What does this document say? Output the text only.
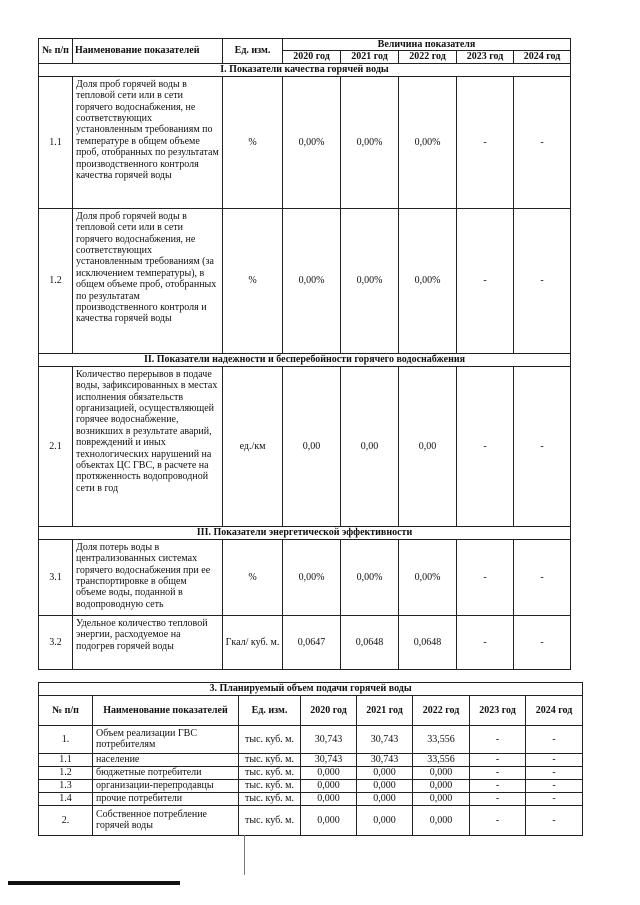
№ п/п	Наименование показателей	Ед. изм.	Величина показателя				
			2020 год	2021 год	2022 год	2023 год	2024 год
I. Показатели качества горячей воды							
1.1	Доля проб горячей воды в тепловой сети или в сети горячего водоснабжения, не соответствующих установленным требованиям по температуре в общем объеме проб, отобранных по результатам производственного контроля качества горячей воды	%	0,00%	0,00%	0,00%	-	-
1.2	Доля проб горячей воды в тепловой сети или в сети горячего водоснабжения, не соответствующих установленным требованиям (за исключением температуры), в общем объеме проб, отобранных по результатам производственного контроля и качества горячей воды	%	0,00%	0,00%	0,00%	-	-
II. Показатели надежности и бесперебойности горячего водоснабжения							
2.1	Количество перерывов в подаче воды, зафиксированных в местах исполнения обязательств организацией, осуществляющей горячее водоснабжение, возникших в результате аварий, повреждений и иных технологических нарушений на объектах ЦС ГВС, в расчете на протяженность водопроводной сети в год	ед./км	0,00	0,00	0,00	-	-
III. Показатели энергетической эффективности							
3.1	Доля потерь воды в централизованных системах горячего водоснабжения при ее транспортировке в общем объеме воды, поданной в водопроводную сеть	%	0,00%	0,00%	0,00%	-	-
3.2	Удельное количество тепловой энергии, расходуемое на подогрев горячей воды	Гкал/ куб. м.	0,0647	0,0648	0,0648	-	-
3. Планируемый объем подачи горячей воды							
№ п/п	Наименование показателей	Ед. изм.	2020 год	2021 год	2022 год	2023 год	2024 год
1.	Объем реализации ГВС потребителям	тыс. куб. м.	30,743	30,743	33,556	-	-
1.1	население	тыс. куб. м.	30,743	30,743	33,556	-	-
1.2	бюджетные потребители	тыс. куб. м.	0,000	0,000	0,000	-	-
1.3	организации-перепродавцы	тыс. куб. м.	0,000	0,000	0,000	-	-
1.4	прочие потребители	тыс. куб. м.	0,000	0,000	0,000	-	-
2.	Собственное потребление горячей воды	тыс. куб. м.	0,000	0,000	0,000	-	-
